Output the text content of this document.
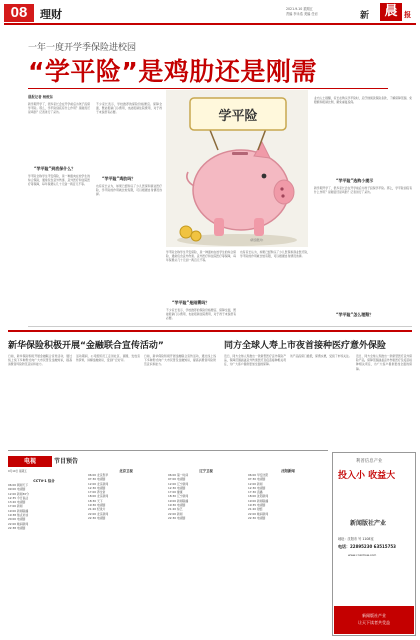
08	理财	2021.9.10 星期五
责编 李永浩 美编 任岩	新	晨 报
一年一度开学季保险进校园
“学平险”是鸡肋还是刚需
晨报记者 杨俊东
新学期开学了，很多家长会在开学前后为孩子投保学平险。那么，学平险到底有什么作用？是刚需还是鸡肋？记者进行了采访。
“学平险”到底保什么？
学平险全称学生平安保险，是一种面向在校学生的综合保险，通常包含意外伤害、意外医疗和住院医疗等保障，每年保费从几十元到一两百元不等。
不少家长表示，学校推荐的保险价格便宜、保障全面，既能报销门诊费用，也能报销住院费用，对于孩子来说很有必要。
“学平险”鸡肋吗？
也有家长认为，如果已经购买了少儿医保和商业医疗险，学平险的作用就比较有限，可以根据自身情况选择。
学平险
(新浪图片)
业内人士提醒，家长在购买学平险时，应仔细阅读保险条款，了解保障范围、免赔额和报销比例，避免重复投保。
“学平险”选购小提示
新学期开学了，很多家长会在开学前后为孩子投保学平险。那么，学平险到底有什么作用？是刚需还是鸡肋？记者进行了采访。
学平险全称学生平安保险，是一种面向在校学生的综合保险，通常包含意外伤害、意外医疗和住院医疗等保障，每年保费从几十元到一两百元不等。
“学平险”是刚需吗？
不少家长表示，学校推荐的保险价格便宜、保障全面，既能报销门诊费用，也能报销住院费用，对于孩子来说很有必要。
也有家长认为，如果已经购买了少儿医保和商业医疗险，学平险的作用就比较有限，可以根据自身情况选择。
“学平险”怎么理赔？
新华保险积极开展“金融联合宣传活动”	同方全球人寿上市夜首接种医疗意外保险
日前，新华保险积极开展金融联合宣传活动，通过线上线下多种形式向广大市民普及金融知识，提高消费者风险防范意识和能力。
活动期间，公司组织员工走进社区、商圈，发放宣传资料，讲解金融常识，受到广泛好评。
日前，新华保险积极开展金融联合宣传活动，通过线上线下多种形式向广大市民普及金融知识，提高消费者风险防范意识和能力。
近日，同方全球人寿推出一款新型医疗意外保险产品，保障范围涵盖意外伤害医疗及疫苗接种相关责任，为广大客户提供更加全面的保障。
该产品投保门槛低，保费实惠，受到了市场关注。 近日，同方全球人寿推出一款新型医疗意外保险产品，保障范围涵盖意外伤害医疗及疫苗接种相关责任，为广大客户提供更加全面的保障。
电视	节目预告
9月10日 星期五
CCTV-1 综合
06:00 朝闻天下
09:00 电视剧
12:00 新闻30分
12:35 今日说法
13:20 电视剧
17:00 新闻
19:00 新闻联播
19:38 焦点访谈
20:00 电视剧
22:00 晚间新闻
22:38 电视剧
北京卫视
06:00 北京您早
07:30 电视剧
12:00 北京新闻
12:30 电视剧
17:00 养生堂
18:00 北京新闻
18:30 天下
19:30 电视剧
21:20 纪录片
22:00 北京新闻
22:30 电视剧
辽宁卫视
06:00 第一时间
07:00 电视剧
12:00 辽宁新闻
12:30 电视剧
17:00 健康
18:30 辽宁新闻
19:00 新闻联播
19:30 电视剧
21:20 综艺
22:00 新闻
22:30 电视剧
沈阳新闻
06:00 早安沈阳
07:30 电视剧
12:00 新闻
12:30 电视剧
17:30 直播
18:00 沈阳新闻
19:00 新闻联播
19:35 电视剧
21:20 财经
22:00 晚间新闻
22:30 电视剧
利普信息产业
投入小 收益大
新闻版社产业
地址：沈阳市 号 1108室
电话：22895230 63515753
www.cnxnhsw.com
新闻版社产业
让天下读者共受益
